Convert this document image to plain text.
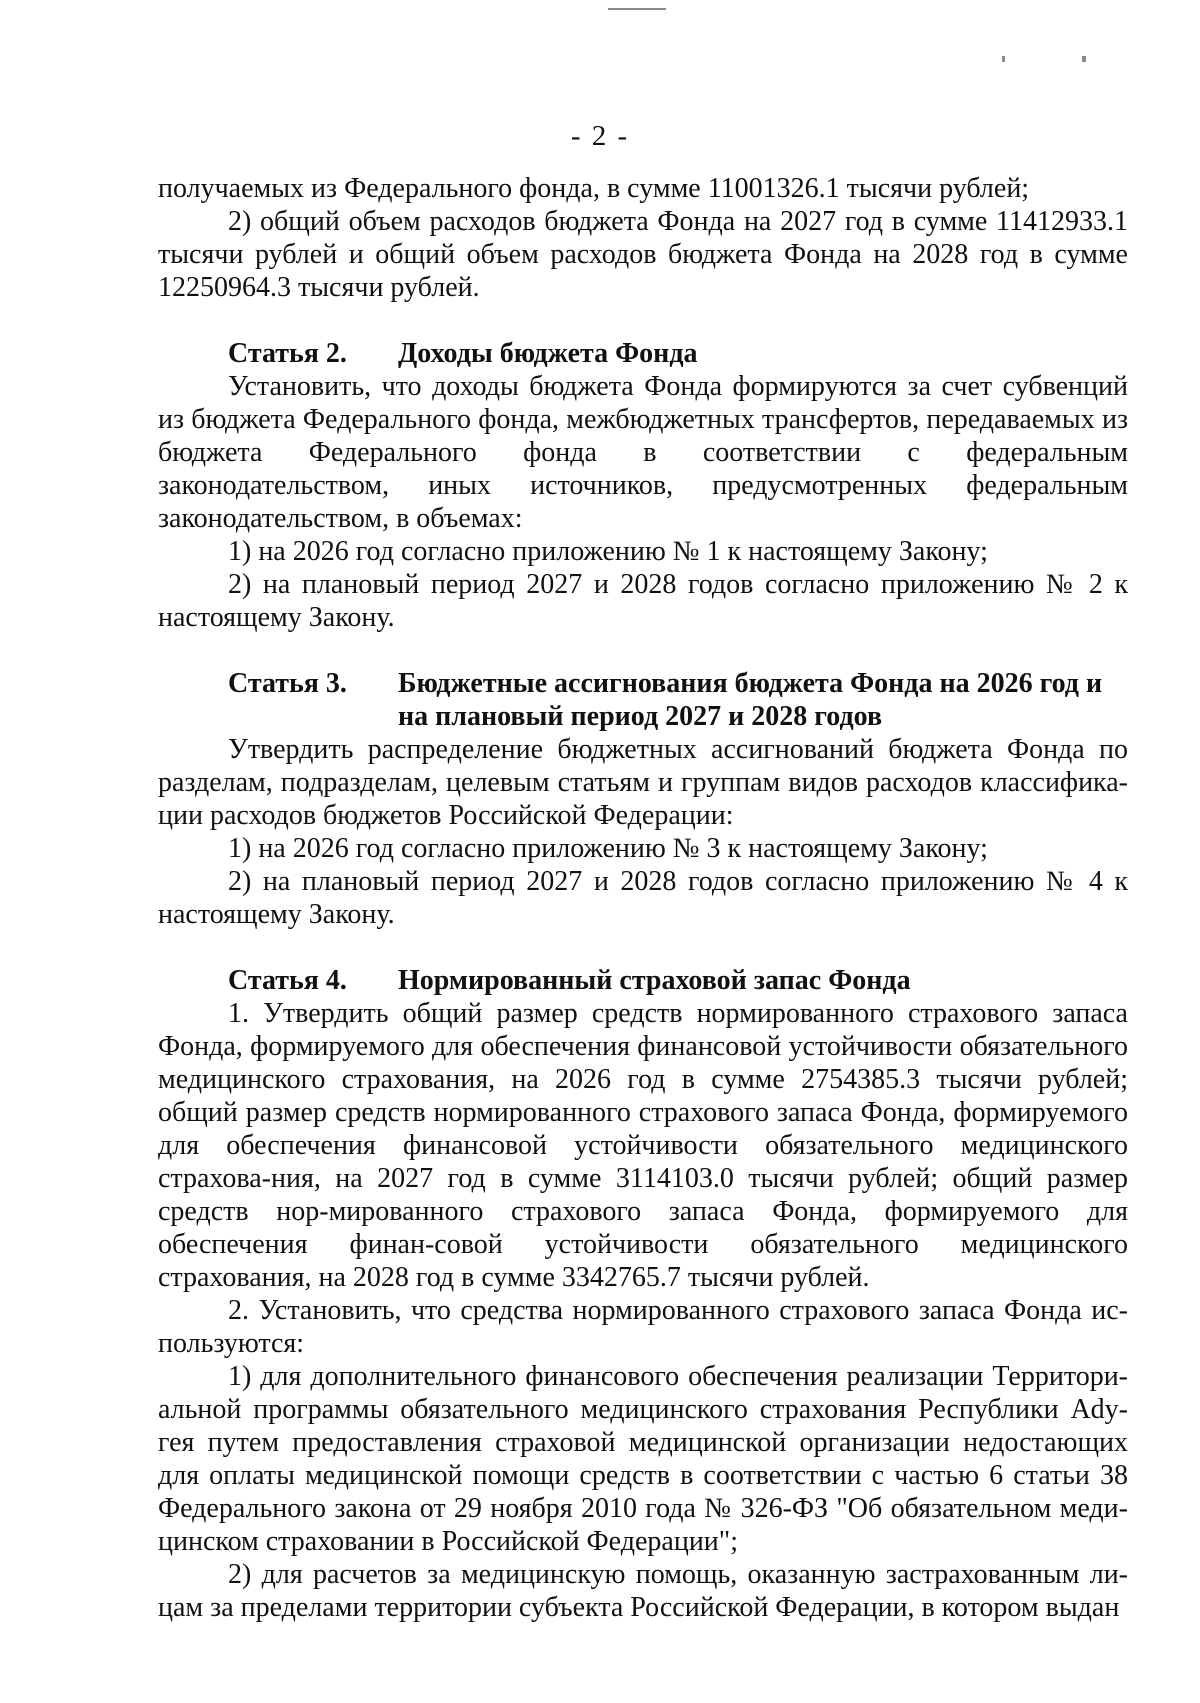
- 2 -

получаемых из Федерального фонда, в сумме 11001326.1 тысячи рублей;

2) общий объем расходов бюджета Фонда на 2027 год в сумме 11412933.1 тысячи рублей и общий объем расходов бюджета Фонда на 2028 год в сумме 12250964.3 тысячи рублей.

Статья 2.	Доходы бюджета Фонда

Установить, что доходы бюджета Фонда формируются за счет субвенций из бюджета Федерального фонда, межбюджетных трансфертов, передаваемых из бюджета Федерального фонда в соответствии с федеральным законодательством, иных источников, предусмотренных федеральным законодательством, в объемах:

1) на 2026 год согласно приложению № 1 к настоящему Закону;

2) на плановый период 2027 и 2028 годов согласно приложению № 2 к настоящему Закону.

Статья 3.	Бюджетные ассигнования бюджета Фонда на 2026 год и на плановый период 2027 и 2028 годов

Утвердить распределение бюджетных ассигнований бюджета Фонда по разделам, подразделам, целевым статьям и группам видов расходов классифика-ции расходов бюджетов Российской Федерации:

1) на 2026 год согласно приложению № 3 к настоящему Закону;

2) на плановый период 2027 и 2028 годов согласно приложению № 4 к настоящему Закону.

Статья 4.	Нормированный страховой запас Фонда

1. Утвердить общий размер средств нормированного страхового запаса Фонда, формируемого для обеспечения финансовой устойчивости обязательного медицинского страхования, на 2026 год в сумме 2754385.3 тысячи рублей; общий размер средств нормированного страхового запаса Фонда, формируемого для обеспечения финансовой устойчивости обязательного медицинского страхова-ния, на 2027 год в сумме 3114103.0 тысячи рублей; общий размер средств нор-мированного страхового запаса Фонда, формируемого для обеспечения финан-совой устойчивости обязательного медицинского страхования, на 2028 год в сумме 3342765.7 тысячи рублей.

2. Установить, что средства нормированного страхового запаса Фонда ис-пользуются:

1) для дополнительного финансового обеспечения реализации Территори-альной программы обязательного медицинского страхования Республики Ady-гея путем предоставления страховой медицинской организации недостающих для оплаты медицинской помощи средств в соответствии с частью 6 статьи 38 Федерального закона от 29 ноября 2010 года № 326-ФЗ "Об обязательном меди-цинском страховании в Российской Федерации";

2) для расчетов за медицинскую помощь, оказанную застрахованным ли-цам за пределами территории субъекта Российской Федерации, в котором выдан
